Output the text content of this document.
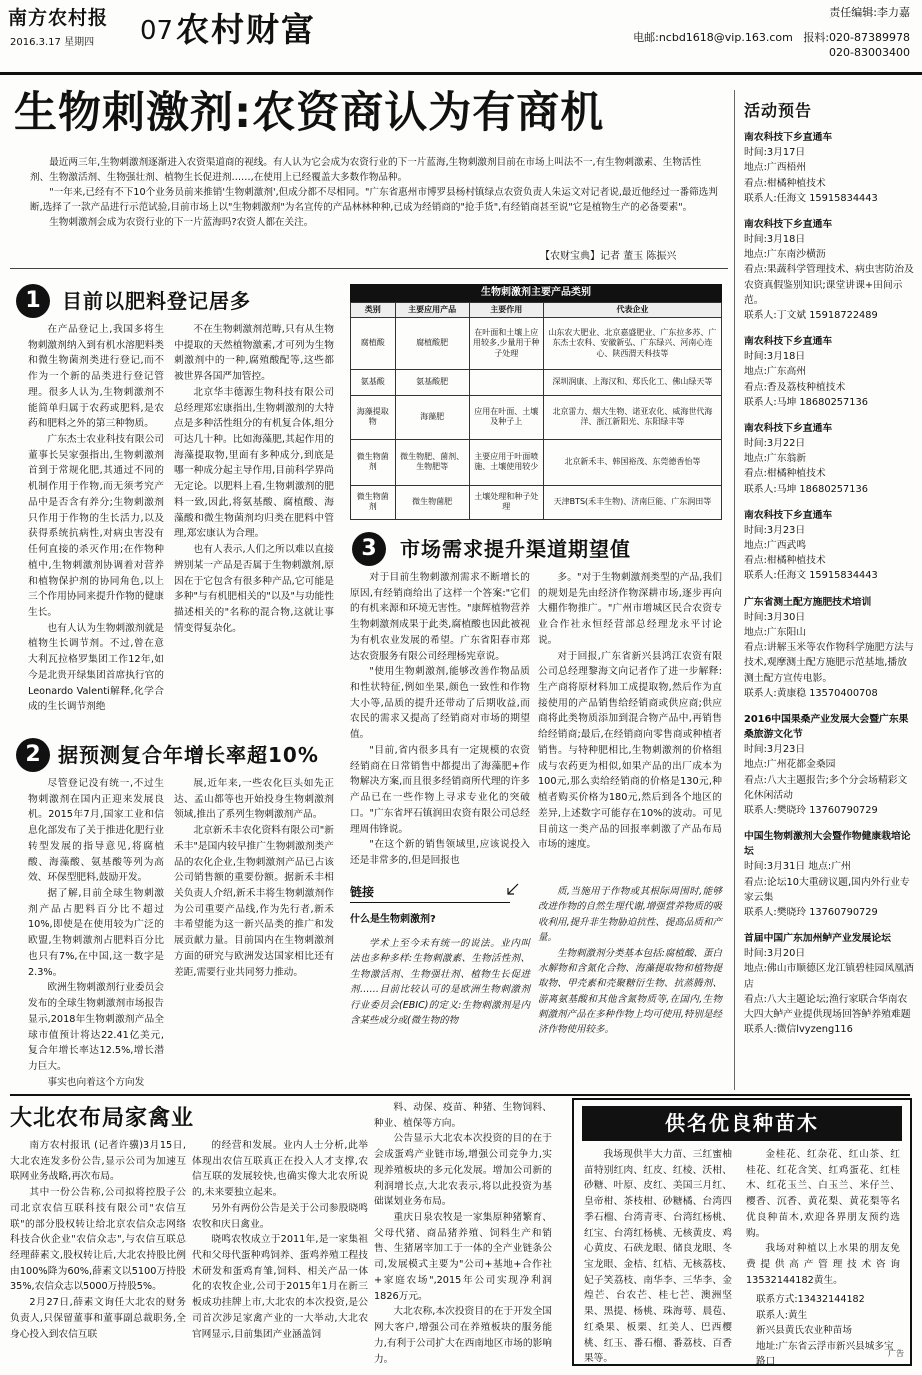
南方农村报
2016.3.17 星期四 07 农村财富	责任编辑:李力嘉
电邮:ncbd1618@vip.163.com 报料:020-87389978
020-83003400
生物刺激剂:农资商认为有商机

最近两三年,生物刺激剂逐渐进入农资渠道商的视线。有人认为它会成为农资行业的下一片蓝海,生物刺激剂目前在市场上叫法不一,有生物刺激素、生物活性剂、生物激活剂、生物强壮剂、植物生长促进剂……,在使用上已经覆盖大多数作物品种。

"一年来,已经有不下10个业务员前来推销'生物刺激剂',但成分都不尽相同。"广东省惠州市博罗县杨村镇绿点农资负责人朱运文对记者说,最近他经过一番筛选判断,选择了一款产品进行示范试验,目前市场上以"生物刺激剂"为名宣传的产品林林种种,已成为经销商的"抢手货",有经销商甚至说"它是植物生产的必备要素"。

生物刺激剂会成为农资行业的下一片蓝海吗?农资人都在关注。

【农财宝典】记者 董玉 陈振兴
1	目前以肥料登记居多

在产品登记上,我国多将生物刺激剂纳入到有机水溶肥料类和微生物菌剂类进行登记,而不作为一个新的品类进行登记管理。很多人认为,生物刺激剂不能简单归属于农药或肥料,是农药和肥料之外的第三种物质。

广东杰士农业科技有限公司董事长吴家强指出,生物刺激剂首到于常规化肥,其通过不同的机制作用于作物,而无须考究产品中是否含有养分;生物刺激剂只作用于作物的生长活力,以及获得系统抗病性,对病虫害没有任何直接的杀灭作用;在作物种植中,生物刺激剂协调着对营养和植物保护剂的协同角色,以上三个作用协同来提升作物的健康生长。

也有人认为生物刺激剂就是植物生长调节剂。不过,曾在意大利瓦拉格罗集团工作12年,如今是北贵开绿集团首席执行官的Leonardo Valenti解释,化学合成的生长调节剂绝

不在生物刺激剂范畴,只有从生物中提取的天然植物激素,才可列为生物刺激剂中的一种,腐殖酸配等,这些都被世界各国严加管控。

北京华丰德源生物科技有限公司总经理郑宏康指出,生物刺激剂的大特点是多种活性组分的有机复合体,组分可达几十种。比如海藻肥,其起作用的海藻提取物,里面有多种成分,到底是哪一种成分起主导作用,目前科学界尚无定论。以肥料上看,生物刺激剂的肥料一致,因此,将氨基酸、腐植酸、海藻酸和微生物菌剂均归类在肥料中管理,郑宏康认为合理。

也有人表示,人们之所以难以直接辨别某一产品是否属于生物刺激剂,原因在于它包含有很多种产品,它可能是多种"与有机肥相关的"以及"与功能性描述相关的"名称的混合物,这就让事情变得复杂化。

生物刺激剂主要产品类别
类别	主要应用产品	主要作用	代表企业
腐植酸	腐植酸肥	在叶面和土壤上应用较多,少量用于种子处理	山东农大肥业、北京嘉盛肥业、广东拉多苏、广东杰士农科、安徽新弘、广东绿兴、河南心连心、陕西渭天科技等
氨基酸	氨基酸肥		深圳润康、上海汉和、郑氏化工、佛山绿天等
海藻提取物	海藻肥	应用在叶面、土壤及种子上	北京雷力、烟大生物、诺亚农化、威海世代海洋、浙江新阳光、东阳绿丰等
微生物菌剂	微生物肥、菌剂、生物肥等	主要应用于叶面喷施、土壤使用较少	北京新禾丰、韩国裕茂、东莞德香怡等
微生物菌剂	微生物菌肥	土壤处理和种子处理	天津BTS(禾丰生物)、济南巨能、广东润田等
2 据预测复合年增长率超10%

尽管登记没有统一,不过生物刺激剂在国内正迎来发展良机。2015年7月,国家工业和信息化部发布了关于推进化肥行业转型发展的指导意见,将腐植酸、海藻酸、氨基酸等列为高效、环保型肥料,鼓励开发。

据了解,目前全球生物刺激剂产品占肥料百分比不超过10%,即使是在使用较为广泛的欧盟,生物刺激剂占肥料百分比也只有7%,在中国,这一数字是2.3%。

欧洲生物刺激剂行业委员会发布的全球生物刺激剂市场报告显示,2018年生物刺激剂产品全球市值预计将达22.41亿美元,复合年增长率达12.5%,增长潜力巨大。

事实也向着这个方向发

展,近年来,一些农化巨头如先正达、孟山都等也开始投身生物刺激剂领域,推出了系列生物刺激剂产品。

北京新禾丰农化资料有限公司"新禾丰"是国内较早推广生物刺激剂类产品的农化企业,生物刺激剂产品已占该公司销售额的重要份额。据新禾丰相关负责人介绍,新禾丰将生物刺激剂作为公司重要产品线,作为先行者,新禾丰希望能为这一新兴品类的推广和发展贡献力量。目前国内在生物刺激剂方面的研究与欧洲发达国家相比还有差距,需要行业共同努力推动。

3	市场需求提升渠道期望值

对于目前生物刺激剂需求不断增长的原因,有经销商给出了这样一个答案:"它们的有机来源和环境无害性。"康辉植物营养生物刺激剂成果于此类,腐植酸也因此被视为有机农业发展的希望。广东省阳春市郑达农资服务有限公司经理杨宪章说。

"使用生物刺激剂,能够改善作物品质和性状特征,例如坐果,颜色一致性和作物大小等,品质的提升还带动了后期收益,而农民的需求又提高了经销商对市场的期望值。

"目前,省内很多具有一定规模的农资经销商在日常销售中都提出了海藻肥+作物解决方案,而且很多经销商所代理的许多产品已在一些作物上寻求专业化的突破口。"广东省坪石镇润田农资有限公司总经理周伟锋说。

"在这个新的销售领域里,应该说投入还是非常多的,但是回报也

多。"对于生物刺激剂类型的产品,我们的规划是先由经济作物深耕市场,逐步再向大棚作物推广。"广州市增城区民合农资专业合作社永恒经营部总经理龙永平讨论说。

对于回报,广东省新兴县鸿江农资有限公司总经理黎海文向记者作了进一步解释:生产商将原材料加工成提取物,然后作为直接使用的产品销售给经销商或供应商;供应商将此类物质添加到混合物产品中,再销售给经销商;最后,在经销商向零售商或种植者销售。与特种肥相比,生物刺激剂的价格组成与农药更为相似,如果产品的出厂成本为100元,那么卖给经销商的价格是130元,种植者购买价格为180元,然后到各个地区的差异,上述数字可能存在10%的波动。可见目前这一类产品的回报率刺激了产品布局市场的速度。

链接
什么是生物刺激剂?

学术上至今未有统一的说法。业内叫法也多种多样:生物刺激素、生物活性剂、生物激活剂、生物强壮剂、植物生长促进剂……目前比较认可的是欧洲生物刺激剂行业委员会(EBIC)的定义:生物刺激剂是内含某些成分或(微生物的物

质,当施用于作物或其根际周围时,能够改进作物的自然生理代谢,增强营养物质的吸收利用,提升非生物胁迫抗性、提高品质和产量。

生物刺激剂分类基本包括:腐植酸、蛋白水解物和含氮化合物、海藻提取物和植物提取物、甲壳素和壳聚糖衍生物、抗蒸腾剂、游离氨基酸和其他含氮物质等,在国内,生物刺激剂产品在多种作物上均可使用,特别是经济作物使用较多。

活动预告
南农科技下乡直通车
时间:3月17日
地点:广西梧州
看点:柑橘种植技术
联系人:任海文 15915834443
南农科技下乡直通车
时间:3月18日
地点:广东南沙横沥
看点:果蔬科学管理技术、病虫害防治及农资真假鉴别知识;课堂讲课+田间示范。
联系人:丁文斌 15918722489
南农科技下乡直通车
时间:3月18日
地点:广东高州
看点:香及荔枝种植技术
联系人:马坤 18680257136
南农科技下乡直通车
时间:3月22日
地点:广东翁新
看点:柑橘种植技术
联系人:马坤 18680257136
南农科技下乡直通车
时间:3月23日
地点:广西武鸣
看点:柑橘种植技术
联系人:任海文 15915834443
广东省测土配方施肥技术培训
时间:3月30日
地点:广东阳山
看点:讲解玉米等农作物科学施肥方法与技术,观摩测土配方施肥示范基地,播放测土配方宣传电影。
联系人:黄康稳 13570400708
2016中国果桑产业发展大会暨广东果桑旅游文化节
时间:3月23日
地点:广州花都金桑园
看点:八大主题报告;多个分会场精彩文化休闲活动
联系人:樊晓玲 13760790729
中国生物刺激剂大会暨作物健康栽培论坛
时间:3月31日 地点:广州
看点:论坛10大重磅议题,国内外行业专家云集
联系人:樊晓玲 13760790729
首届中国广东加州鲈产业发展论坛
时间:3月20日
地点:佛山市顺德区龙江镇碧桂园凤凰酒店
看点:八大主题论坛;渔行家联合华南农大四大鲈产业提供现场回答鲈养殖难题
联系人:微信lvyzeng116
大北农布局家禽业

南方农村报讯 (记者许骥)3月15日,大北农连发多份公告,显示公司为加速互联网业务战略,再次布局。

其中一份公告称,公司拟将控股子公司北京农信互联科技有限公司"农信互联"的部分股权转让给北京农信众志网络科技合伙企业"农信众志",与农信互联总经理薛素文,股权转让后,大北农持股比例由100%降为60%,薛素文以5100万持股35%,农信众志以5000万持股5%。

2月27日,薛素文询任大北农的财务负责人,只保留董事和董事副总裁职务,全身心投入到农信互联

的经营和发展。业内人士分析,此举体现出农信互联真正在投入人才支撑,农信互联的发展较快,也确实像大北农所说的,未来要独立起来。

另外有两份公告是关于公司参股晓鸣农牧和庆日禽业。

晓鸣农牧成立于2011年,是一家集祖代和父母代蛋种鸡饲养、蛋鸡养殖工程技术研发和蛋鸡育雏,饲料、相关产品一体化的农牧企业,公司于2015年1月在新三板成功挂牌上市,大北农的本次投资,是公司首次涉足家禽产业的一大举动,大北农官网显示,目前集团产业涵盖饲

料、动保、疫苗、种猪、生物饲料、种业、植保等方向。

公告显示大北农本次投资的目的在于会成蛋鸡产业链市场,增强公司竞争力,实现养殖板块的多元化发展。增加公司新的利润增长点,大北农表示,将以此投资为基础谋划业务布局。

重庆日泉农牧是一家集原种猪繁育、父母代猪、商品猪养殖、饲料生产和销售、生猪屠宰加工于一体的全产业链条公司,发展模式主要为"公司+基地+合作社+家庭农场",2015年公司实现净利润1826万元。

大北农称,本次投资目的在于开发全国网大客户,增强公司在养殖板块的服务能力,有利于公司扩大在西南地区市场的影响力。

供名优良种苗木

我场现供半大力苗、三红蜜柚苗特别红肉、红皮、红棱、沃柑、砂糖、叶原、皮红、美国三月红、皇帝柑、茶枝柑、砂糖橘、台湾四季石榴、台湾青枣、台湾红杨桃、红宝、台湾红杨桃、无核黄皮、鸡心黄皮、石硖龙眼、储良龙眼、冬宝龙眼、金桔、红桔、无核荔枝、妃子笑荔枝、南华李、三华李、金煌芒、台农芒、桂七芒、澳洲坚果、黑提、杨桃、珠海萼、晨苞、红桑果、板栗、红美人、巴西樱桃、红玉、番石榴、番荔枝、百香果等。

金桂花、红杂花、红山茶、红桂花、红花含笑、红鸡蛋花、红桂木、红花玉兰、白玉兰、米仔兰、樱香、沉香、黄花梨、黄花梨等名优良种苗木,欢迎各界朋友预约选购。

我场对种植以上水果的朋友免费提供高产管理技术咨询13532144182黄生。

联系方式:13432144182
联系人:黄生
新兴县黄氏农业种苗场
地址:广东省云浮市新兴县城多宝路口
广告
